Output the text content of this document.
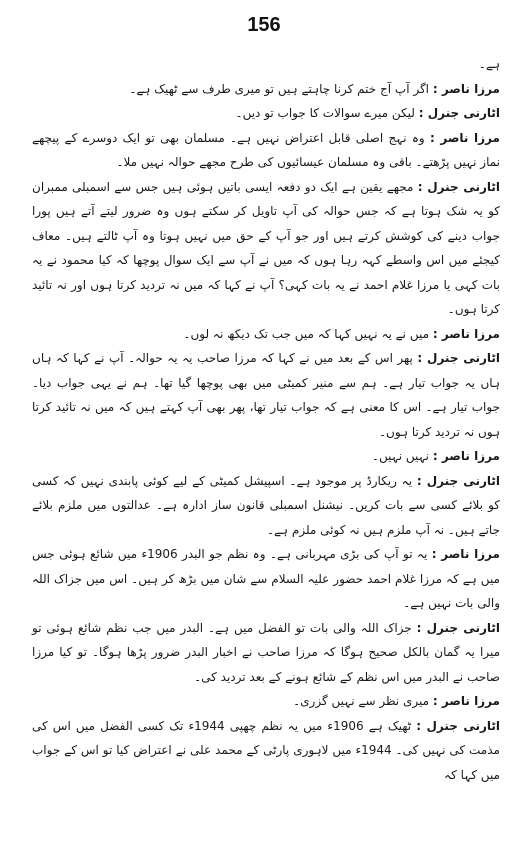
156

ہے۔

مرزا ناصر : اگر آپ آج ختم کرنا چاہتے ہیں تو میری طرف سے ٹھیک ہے۔

اٹارنی جنرل : لیکن میرے سوالات کا جواب تو دیں۔

مرزا ناصر : وہ نہج اصلی قابل اعتراض نہیں ہے۔ مسلمان بھی تو ایک دوسرے کے پیچھے نماز نہیں پڑھتے۔ باقی وہ مسلمان عیسائیوں کی طرح مجھے حوالہ نہیں ملا۔

اٹارنی جنرل : مجھے یقین ہے ایک دو دفعہ ایسی باتیں ہوئی ہیں جس سے اسمبلی ممبران کو یہ شک ہوتا ہے کہ جس حوالہ کی آپ تاویل کر سکتے ہوں وہ ضرور لیتے آتے ہیں پورا جواب دینے کی کوشش کرتے ہیں اور جو آپ کے حق میں نہیں ہوتا وہ آپ ٹالتے ہیں۔ معاف کیجئے میں اس واسطے کہہ رہا ہوں کہ میں نے آپ سے ایک سوال پوچھا کہ کیا محمود نے یہ بات کہی یا مرزا غلام احمد نے یہ بات کہی؟ آپ نے کہا کہ میں نہ تردید کرتا ہوں اور نہ تائید کرتا ہوں۔

مرزا ناصر : میں نے یہ نہیں کہا کہ میں جب تک دیکھ نہ لوں۔

اٹارنی جنرل : پھر اس کے بعد میں نے کہا کہ مرزا صاحب یہ یہ حوالہ۔ آپ نے کہا کہ ہاں ہاں یہ جواب تیار ہے۔ ہم سے منیر کمیٹی میں بھی پوچھا گیا تھا۔ ہم نے یہی جواب دیا۔ جواب تیار ہے۔ اس کا معنی ہے کہ جواب تیار تھا، پھر بھی آپ کہتے ہیں کہ میں نہ تائید کرتا ہوں نہ تردید کرتا ہوں۔

مرزا ناصر : نہیں نہیں۔

اٹارنی جنرل : یہ ریکارڈ پر موجود ہے۔ اسپیشل کمیٹی کے لیے کوئی پابندی نہیں کہ کسی کو بلائے کسی سے بات کریں۔ نیشنل اسمبلی قانون ساز ادارہ ہے۔ عدالتوں میں ملزم بلائے جاتے ہیں۔ نہ آپ ملزم ہیں نہ کوئی ملزم ہے۔

مرزا ناصر : یہ تو آپ کی بڑی مہربانی ہے۔ وہ نظم جو البدر 1906ء میں شائع ہوئی جس میں ہے کہ مرزا غلام احمد حضور علیہ السلام سے شان میں بڑھ کر ہیں۔ اس میں جزاک اللہ والی بات نہیں ہے۔

اٹارنی جنرل : جزاک اللہ والی بات تو الفضل میں ہے۔ البدر میں جب نظم شائع ہوئی تو میرا یہ گمان بالکل صحیح ہوگا کہ مرزا صاحب نے اخبار البدر ضرور پڑھا ہوگا۔ تو کیا مرزا صاحب نے البدر میں اس نظم کے شائع ہونے کے بعد تردید کی۔

مرزا ناصر : میری نظر سے نہیں گزری۔

اٹارنی جنرل : ٹھیک ہے 1906ء میں یہ نظم چھپی 1944ء تک کسی الفضل میں اس کی مذمت کی نہیں کی۔ 1944ء میں لاہوری پارٹی کے محمد علی نے اعتراض کیا تو اس کے جواب میں کہا کہ
